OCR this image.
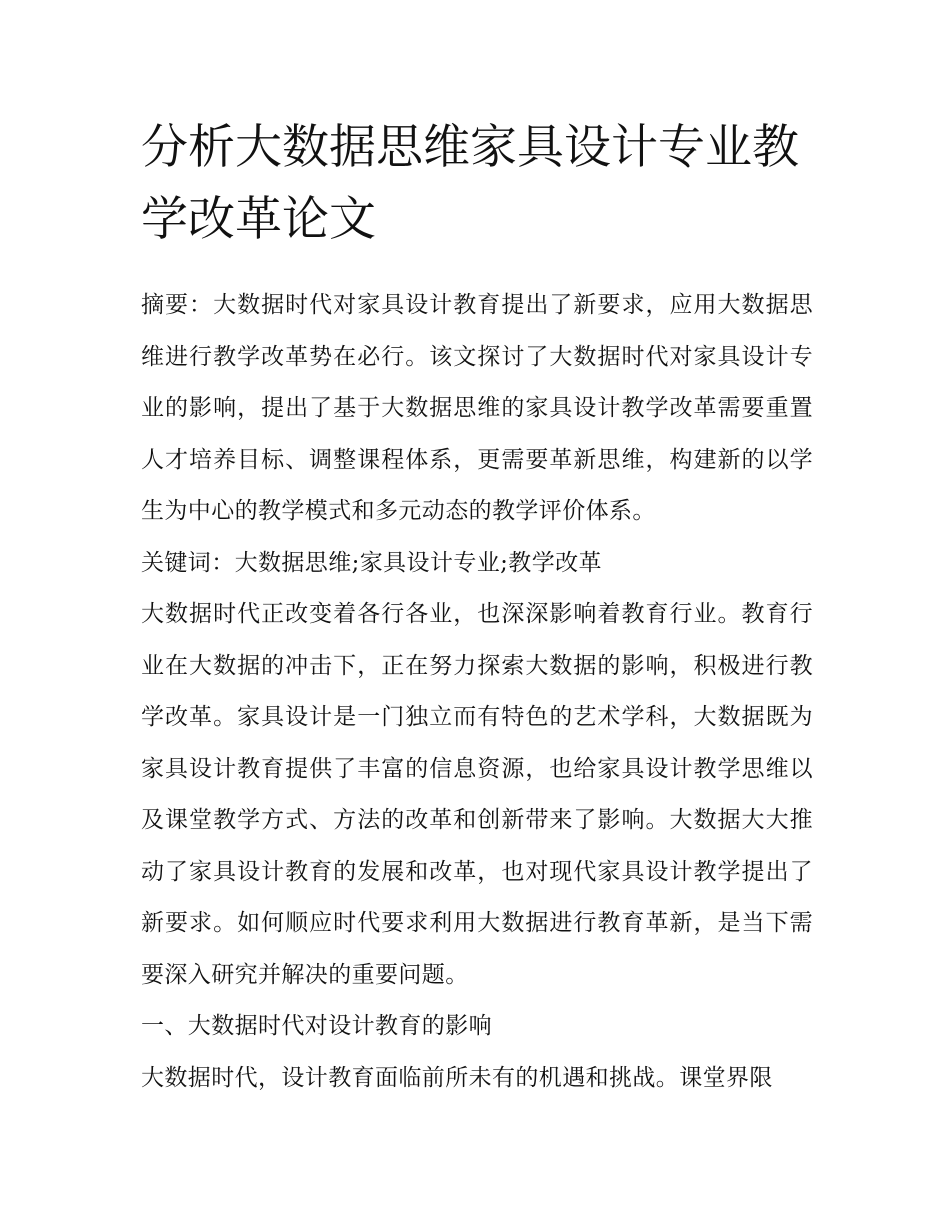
分析大数据思维家具设计专业教学改革论文

摘要：大数据时代对家具设计教育提出了新要求，应用大数据思维进行教学改革势在必行。该文探讨了大数据时代对家具设计专业的影响，提出了基于大数据思维的家具设计教学改革需要重置人才培养目标、调整课程体系，更需要革新思维，构建新的以学生为中心的教学模式和多元动态的教学评价体系。

关键词：大数据思维;家具设计专业;教学改革

大数据时代正改变着各行各业，也深深影响着教育行业。教育行业在大数据的冲击下，正在努力探索大数据的影响，积极进行教学改革。家具设计是一门独立而有特色的艺术学科，大数据既为家具设计教育提供了丰富的信息资源，也给家具设计教学思维以及课堂教学方式、方法的改革和创新带来了影响。大数据大大推动了家具设计教育的发展和改革，也对现代家具设计教学提出了新要求。如何顺应时代要求利用大数据进行教育革新，是当下需要深入研究并解决的重要问题。

一、大数据时代对设计教育的影响

大数据时代，设计教育面临前所未有的机遇和挑战。课堂界限
